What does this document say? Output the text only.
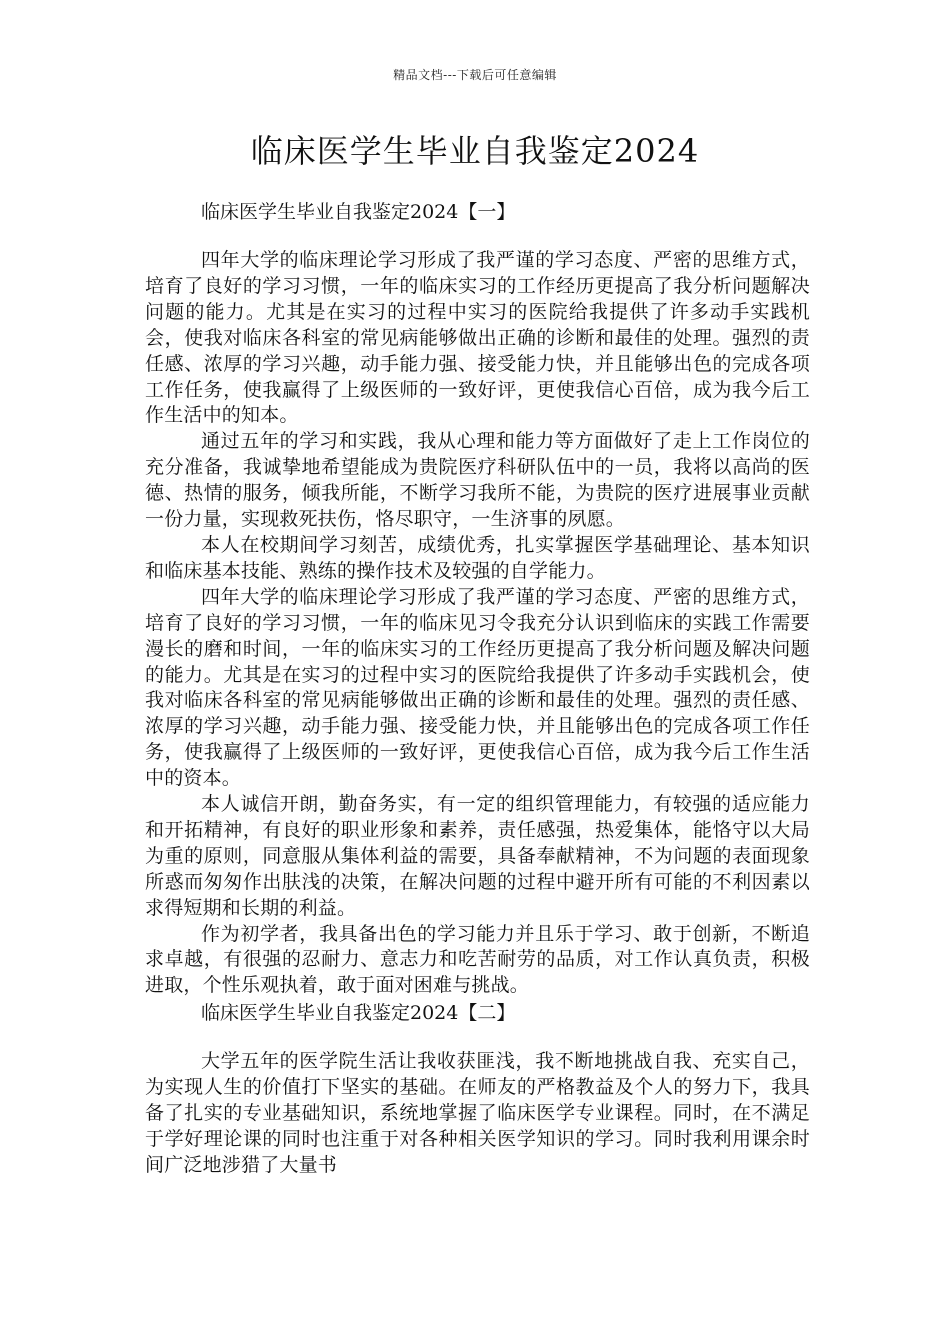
精品文档---下载后可任意编辑
临床医学生毕业自我鉴定2024

临床医学生毕业自我鉴定2024【一】

四年大学的临床理论学习形成了我严谨的学习态度、严密的思维方式，培育了良好的学习习惯，一年的临床实习的工作经历更提高了我分析问题解决问题的能力。尤其是在实习的过程中实习的医院给我提供了许多动手实践机会，使我对临床各科室的常见病能够做出正确的诊断和最佳的处理。强烈的责任感、浓厚的学习兴趣，动手能力强、接受能力快，并且能够出色的完成各项工作任务，使我赢得了上级医师的一致好评，更使我信心百倍，成为我今后工作生活中的知本。

通过五年的学习和实践，我从心理和能力等方面做好了走上工作岗位的充分准备，我诚挚地希望能成为贵院医疗科研队伍中的一员，我将以高尚的医德、热情的服务，倾我所能，不断学习我所不能，为贵院的医疗进展事业贡献一份力量，实现救死扶伤，恪尽职守，一生济事的夙愿。

本人在校期间学习刻苦，成绩优秀，扎实掌握医学基础理论、基本知识和临床基本技能、熟练的操作技术及较强的自学能力。

四年大学的临床理论学习形成了我严谨的学习态度、严密的思维方式，培育了良好的学习习惯，一年的临床见习令我充分认识到临床的实践工作需要漫长的磨和时间，一年的临床实习的工作经历更提高了我分析问题及解决问题的能力。尤其是在实习的过程中实习的医院给我提供了许多动手实践机会，使我对临床各科室的常见病能够做出正确的诊断和最佳的处理。强烈的责任感、浓厚的学习兴趣，动手能力强、接受能力快，并且能够出色的完成各项工作任务，使我赢得了上级医师的一致好评，更使我信心百倍，成为我今后工作生活中的资本。

本人诚信开朗，勤奋务实，有一定的组织管理能力，有较强的适应能力和开拓精神，有良好的职业形象和素养，责任感强，热爱集体，能恪守以大局为重的原则，同意服从集体利益的需要，具备奉献精神，不为问题的表面现象所惑而匆匆作出肤浅的决策，在解决问题的过程中避开所有可能的不利因素以求得短期和长期的利益。

作为初学者，我具备出色的学习能力并且乐于学习、敢于创新，不断追求卓越，有很强的忍耐力、意志力和吃苦耐劳的品质，对工作认真负责，积极进取，个性乐观执着，敢于面对困难与挑战。

临床医学生毕业自我鉴定2024【二】

大学五年的医学院生活让我收获匪浅，我不断地挑战自我、充实自己，为实现人生的价值打下坚实的基础。在师友的严格教益及个人的努力下，我具备了扎实的专业基础知识，系统地掌握了临床医学专业课程。同时，在不满足于学好理论课的同时也注重于对各种相关医学知识的学习。同时我利用课余时间广泛地涉猎了大量书
